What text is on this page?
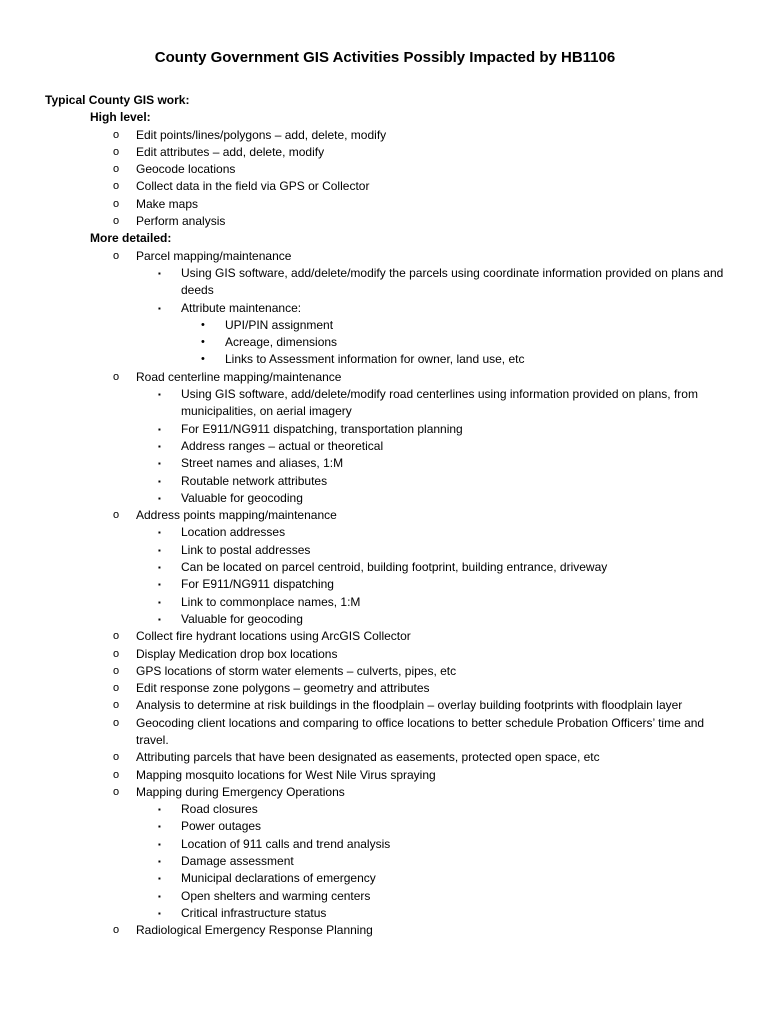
County Government GIS Activities Possibly Impacted by HB1106
Typical County GIS work:
High level:
o	Edit points/lines/polygons – add, delete, modify
o	Edit attributes – add, delete, modify
o	Geocode locations
o	Collect data in the field via GPS or Collector
o	Make maps
o	Perform analysis
More detailed:
o	Parcel mapping/maintenance
▪ Using GIS software, add/delete/modify the parcels using coordinate information provided on plans and deeds
▪ Attribute maintenance:
• UPI/PIN assignment
• Acreage, dimensions
• Links to Assessment information for owner, land use, etc
o	Road centerline mapping/maintenance
▪ Using GIS software, add/delete/modify road centerlines using information provided on plans, from municipalities, on aerial imagery
▪ For E911/NG911 dispatching, transportation planning
▪ Address ranges – actual or theoretical
▪ Street names and aliases, 1:M
▪ Routable network attributes
▪ Valuable for geocoding
o	Address points mapping/maintenance
▪ Location addresses
▪ Link to postal addresses
▪ Can be located on parcel centroid, building footprint, building entrance, driveway
▪ For E911/NG911 dispatching
▪ Link to commonplace names, 1:M
▪ Valuable for geocoding
o	Collect fire hydrant locations using ArcGIS Collector
o	Display Medication drop box locations
o	GPS locations of storm water elements – culverts, pipes, etc
o	Edit response zone polygons – geometry and attributes
o	Analysis to determine at risk buildings in the floodplain – overlay building footprints with floodplain layer
o	Geocoding client locations and comparing to office locations to better schedule Probation Officers’ time and travel.
o	Attributing parcels that have been designated as easements, protected open space, etc
o	Mapping mosquito locations for West Nile Virus spraying
o	Mapping during Emergency Operations
▪ Road closures
▪ Power outages
▪ Location of 911 calls and trend analysis
▪ Damage assessment
▪ Municipal declarations of emergency
▪ Open shelters and warming centers
▪ Critical infrastructure status
o	Radiological Emergency Response Planning
